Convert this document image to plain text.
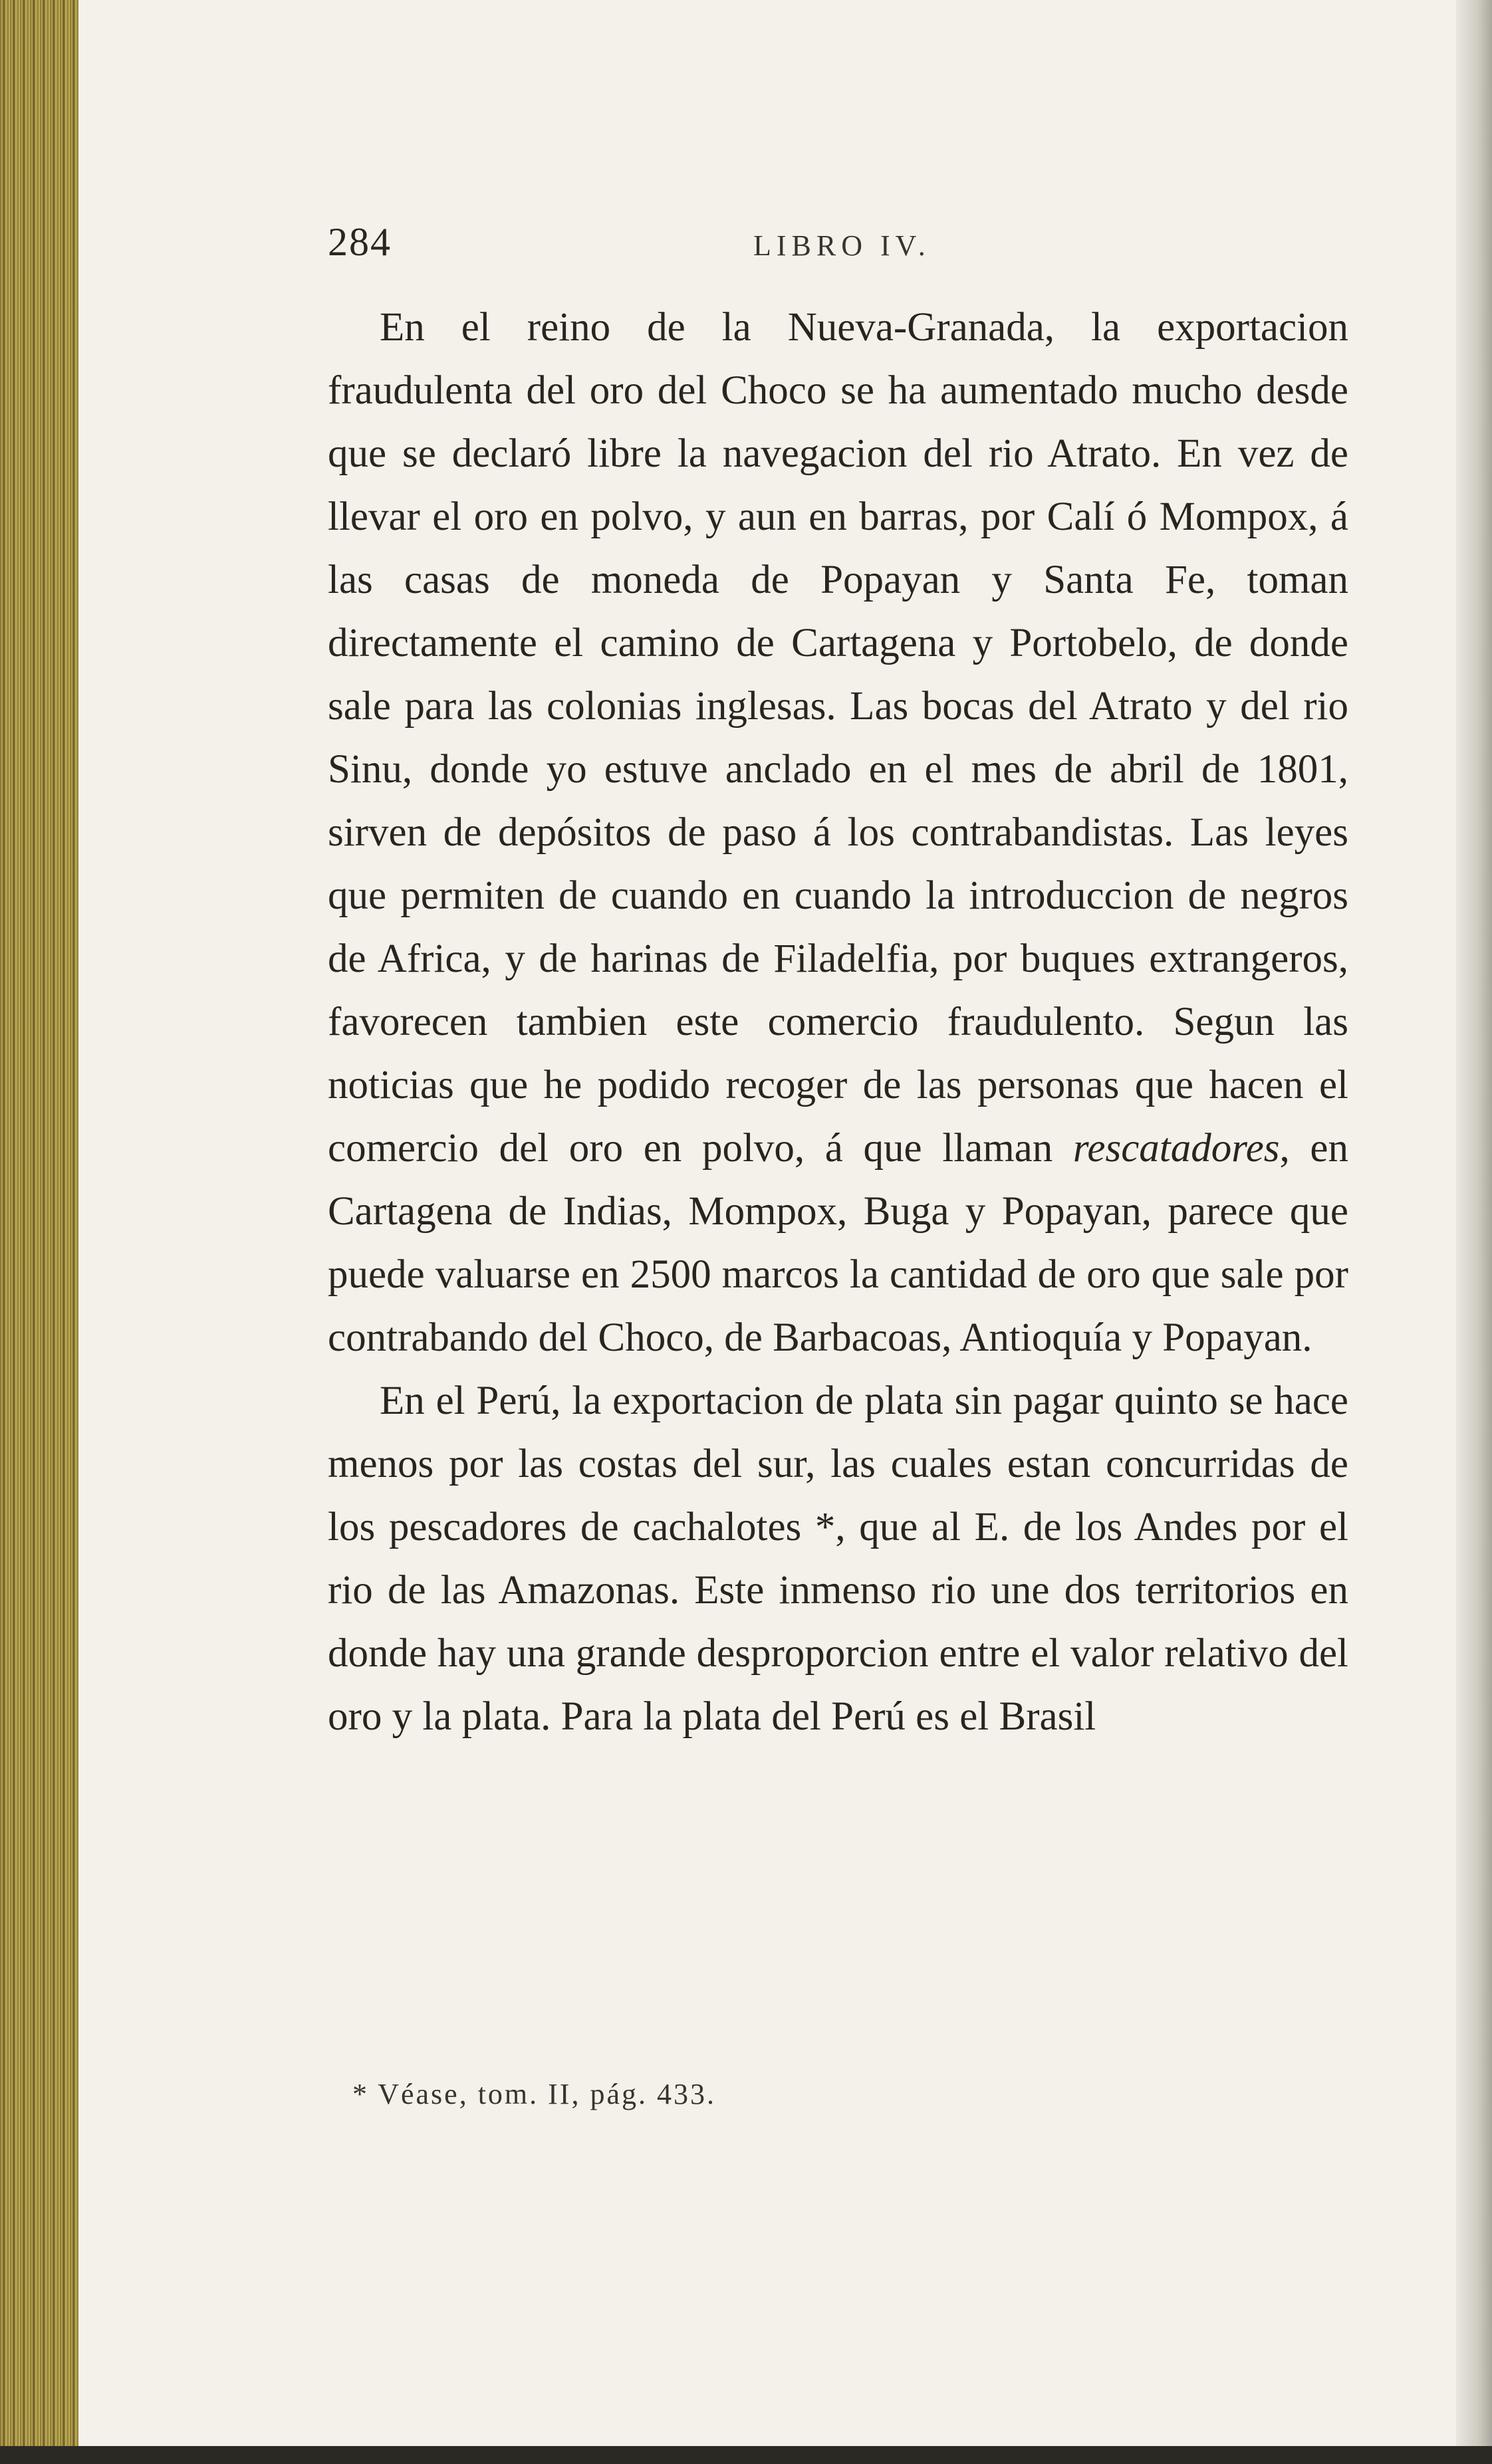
284	LIBRO IV.

En el reino de la Nueva-Granada, la exportacion fraudulenta del oro del Choco se ha aumentado mucho desde que se declaró libre la navegacion del rio Atrato. En vez de llevar el oro en polvo, y aun en barras, por Calí ó Mompox, á las casas de moneda de Popayan y Santa Fe, toman directamente el camino de Cartagena y Portobelo, de donde sale para las colonias inglesas. Las bocas del Atrato y del rio Sinu, donde yo estuve anclado en el mes de abril de 1801, sirven de depósitos de paso á los contrabandistas. Las leyes que permiten de cuando en cuando la introduccion de negros de Africa, y de harinas de Filadelfia, por buques extrangeros, favorecen tambien este comercio fraudulento. Segun las noticias que he podido recoger de las personas que hacen el comercio del oro en polvo, á que llaman rescatadores, en Cartagena de Indias, Mompox, Buga y Popayan, parece que puede valuarse en 2500 marcos la cantidad de oro que sale por contrabando del Choco, de Barbacoas, Antioquía y Popayan.

En el Perú, la exportacion de plata sin pagar quinto se hace menos por las costas del sur, las cuales estan concurridas de los pescadores de cachalotes *, que al E. de los Andes por el rio de las Amazonas. Este inmenso rio une dos territorios en donde hay una grande desproporcion entre el valor relativo del oro y la plata. Para la plata del Perú es el Brasil

* Véase, tom. II, pág. 433.
